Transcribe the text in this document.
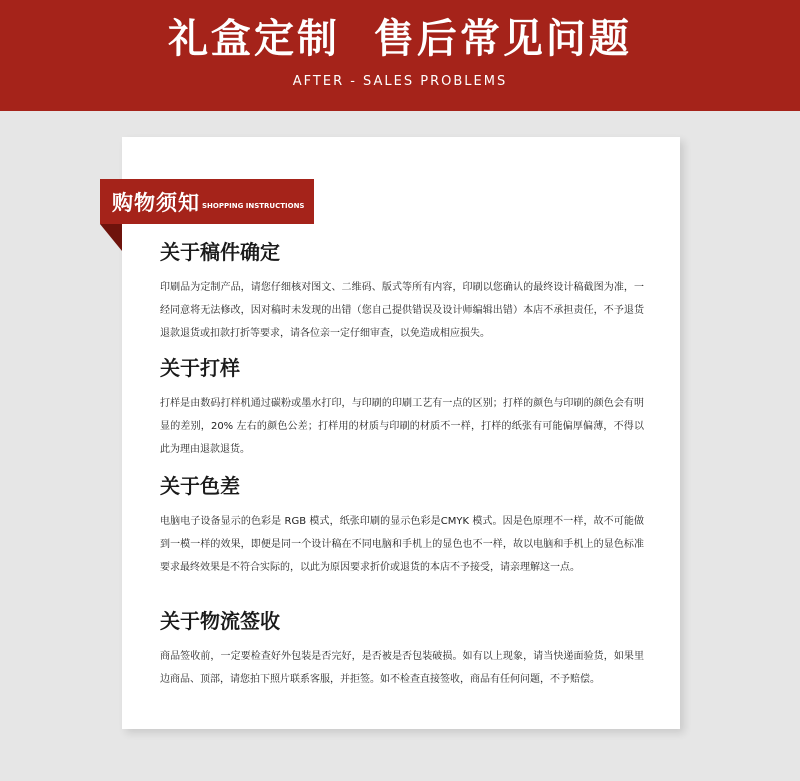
礼盒定制  售后常见问题
AFTER - SALES PROBLEMS
购物须知 SHOPPING INSTRUCTIONS
关于稿件确定

印刷品为定制产品，请您仔细核对图文、二维码、版式等所有内容，印刷以您确认的最终设计稿截图为准，一经同意将无法修改，因对稿时未发现的出错（您自己提供错误及设计师编辑出错）本店不承担责任，不予退货退款退货或扣款打折等要求，请各位亲一定仔细审查，以免造成相应损失。

关于打样

打样是由数码打样机通过碳粉或墨水打印，与印刷的印刷工艺有一点的区别；打样的颜色与印刷的颜色会有明显的差别，20% 左右的颜色公差；打样用的材质与印刷的材质不一样，打样的纸张有可能偏厚偏薄，不得以此为理由退款退货。

关于色差

电脑电子设备显示的色彩是 RGB 模式，纸张印刷的显示色彩是CMYK 模式。因是色原理不一样，故不可能做到一模一样的效果，即便是同一个设计稿在不同电脑和手机上的显色也不一样，故以电脑和手机上的显色标准要求最终效果是不符合实际的，以此为原因要求折价或退货的本店不予接受，请亲理解这一点。

关于物流签收

商品签收前，一定要检查好外包装是否完好，是否被是否包装破损。如有以上现象，请当快递面验货，如果里边商品、顶部，请您拍下照片联系客服，并拒签。如不检查直接签收，商品有任何问题，不予赔偿。
